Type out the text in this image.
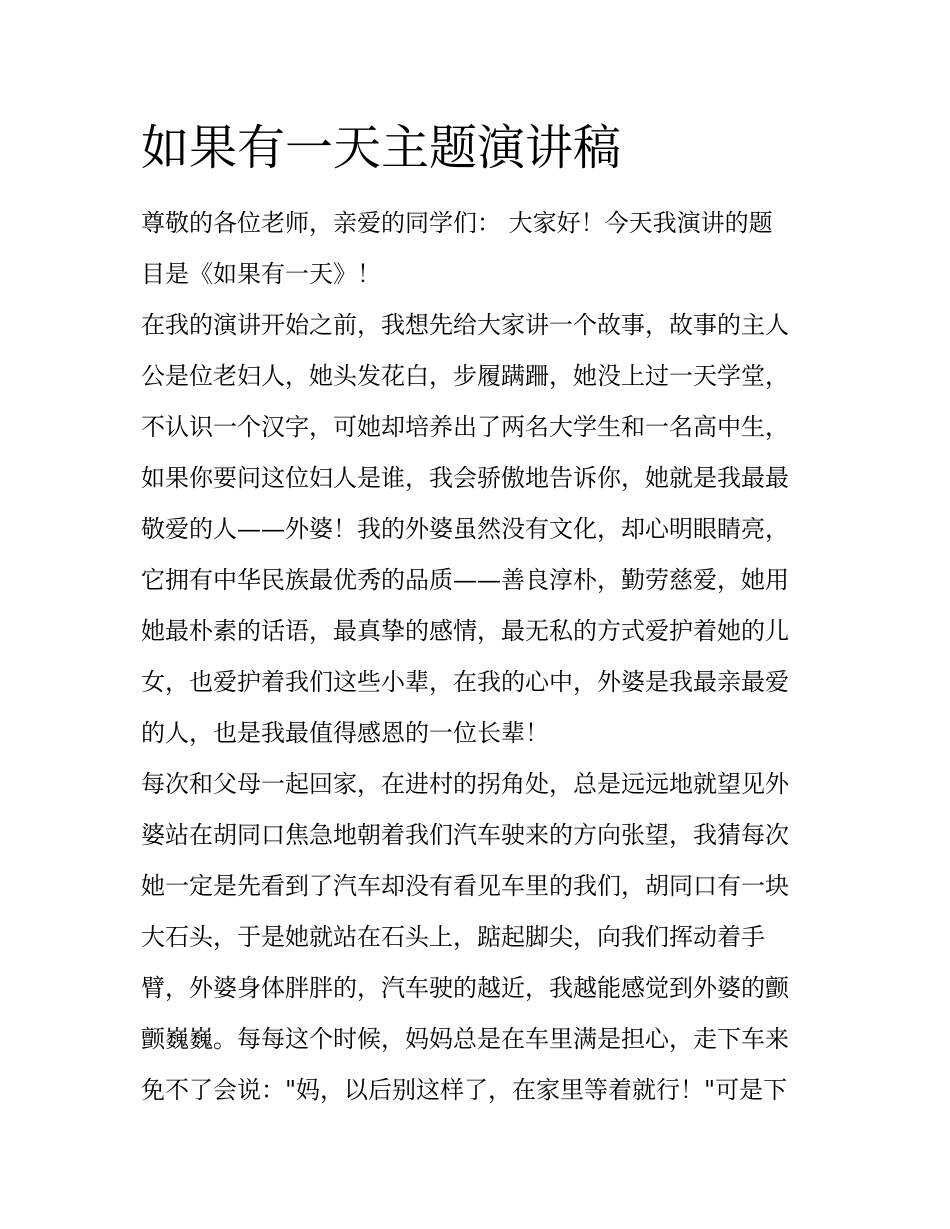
如果有一天主题演讲稿
尊敬的各位老师，亲爱的同学们： 大家好！今天我演讲的题
目是《如果有一天》！
在我的演讲开始之前，我想先给大家讲一个故事，故事的主人
公是位老妇人，她头发花白，步履蹒跚，她没上过一天学堂，
不认识一个汉字，可她却培养出了两名大学生和一名高中生，
如果你要问这位妇人是谁，我会骄傲地告诉你，她就是我最最
敬爱的人——外婆！我的外婆虽然没有文化，却心明眼睛亮，
它拥有中华民族最优秀的品质——善良淳朴，勤劳慈爱，她用
她最朴素的话语，最真挚的感情，最无私的方式爱护着她的儿
女，也爱护着我们这些小辈，在我的心中，外婆是我最亲最爱
的人，也是我最值得感恩的一位长辈！
每次和父母一起回家，在进村的拐角处，总是远远地就望见外
婆站在胡同口焦急地朝着我们汽车驶来的方向张望，我猜每次
她一定是先看到了汽车却没有看见车里的我们，胡同口有一块
大石头，于是她就站在石头上，踮起脚尖，向我们挥动着手
臂，外婆身体胖胖的，汽车驶的越近，我越能感觉到外婆的颤
颤巍巍。每每这个时候，妈妈总是在车里满是担心，走下车来
免不了会说："妈，以后别这样了，在家里等着就行！"可是下
